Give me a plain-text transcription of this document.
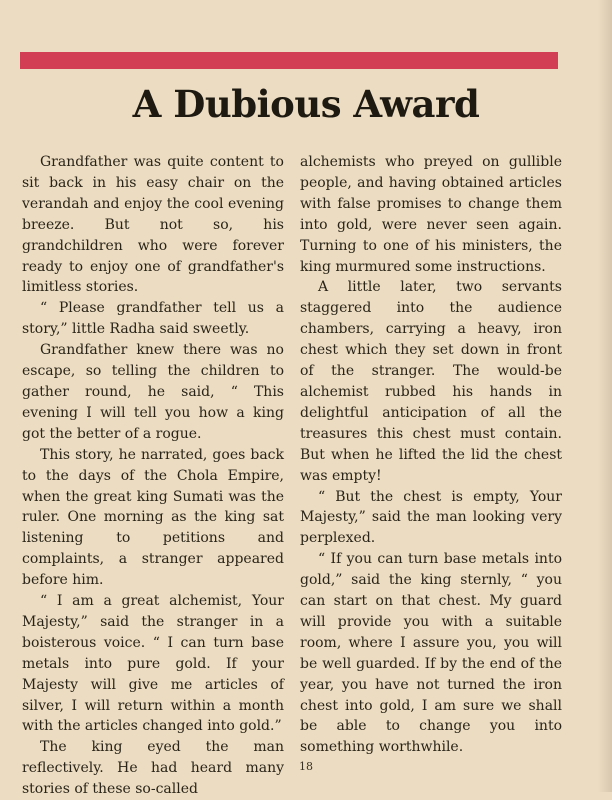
A Dubious Award

Grandfather was quite content to sit back in his easy chair on the verandah and enjoy the cool evening breeze. But not so, his grandchildren who were forever ready to enjoy one of grandfather's limitless stories.

“ Please grandfather tell us a story,” little Radha said sweetly.

Grandfather knew there was no escape, so telling the children to gather round, he said, “ This evening I will tell you how a king got the better of a rogue.

This story, he narrated, goes back to the days of the Chola Empire, when the great king Sumati was the ruler. One morning as the king sat listening to petitions and complaints, a stranger appeared before him.

“ I am a great alchemist, Your Majesty,” said the stranger in a boisterous voice. “ I can turn base metals into pure gold. If your Majesty will give me articles of silver, I will return within a month with the articles changed into gold.”

The king eyed the man reflectively. He had heard many stories of these so-called

alchemists who preyed on gullible people, and having obtained articles with false promises to change them into gold, were never seen again. Turning to one of his ministers, the king murmured some instructions.

A little later, two servants staggered into the audience chambers, carrying a heavy, iron chest which they set down in front of the stranger. The would-be alchemist rubbed his hands in delightful anticipation of all the treasures this chest must contain. But when he lifted the lid the chest was empty!

“ But the chest is empty, Your Majesty,” said the man looking very perplexed.

“ If you can turn base metals into gold,” said the king sternly, “ you can start on that chest. My guard will provide you with a suitable room, where I assure you, you will be well guarded. If by the end of the year, you have not turned the iron chest into gold, I am sure we shall be able to change you into something worthwhile.

18
